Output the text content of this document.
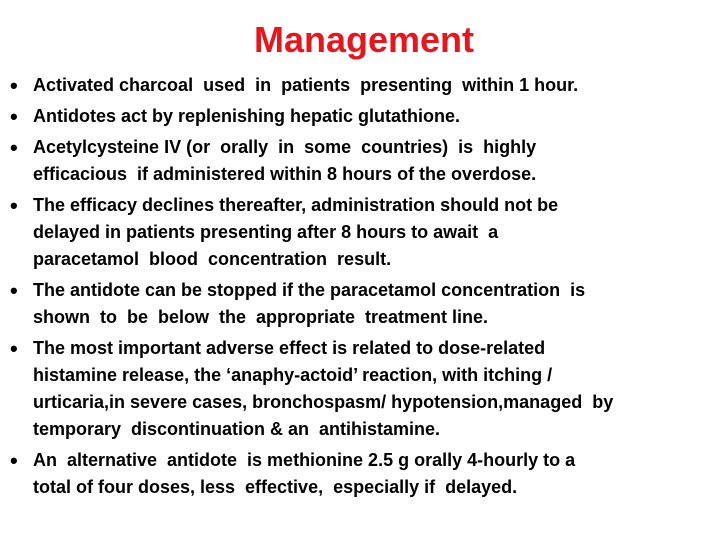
Management
• Activated charcoal  used  in  patients  presenting  within 1 hour.
• Antidotes act by replenishing hepatic glutathione.
• Acetylcysteine IV (or  orally  in  some  countries)  is  highly
efficacious  if administered within 8 hours of the overdose.
• The efficacy declines thereafter, administration should not be
delayed in patients presenting after 8 hours to await  a
paracetamol  blood  concentration  result.
• The antidote can be stopped if the paracetamol concentration  is
shown  to  be  below  the  appropriate  treatment line.
• The most important adverse effect is related to dose-related
histamine release, the ‘anaphy-actoid’ reaction, with itching /
urticaria,in severe cases, bronchospasm/ hypotension,managed  by
temporary  discontinuation & an  antihistamine.
• An  alternative  antidote  is methionine 2.5 g orally 4-hourly to a
total of four doses, less  effective,  especially if  delayed.
